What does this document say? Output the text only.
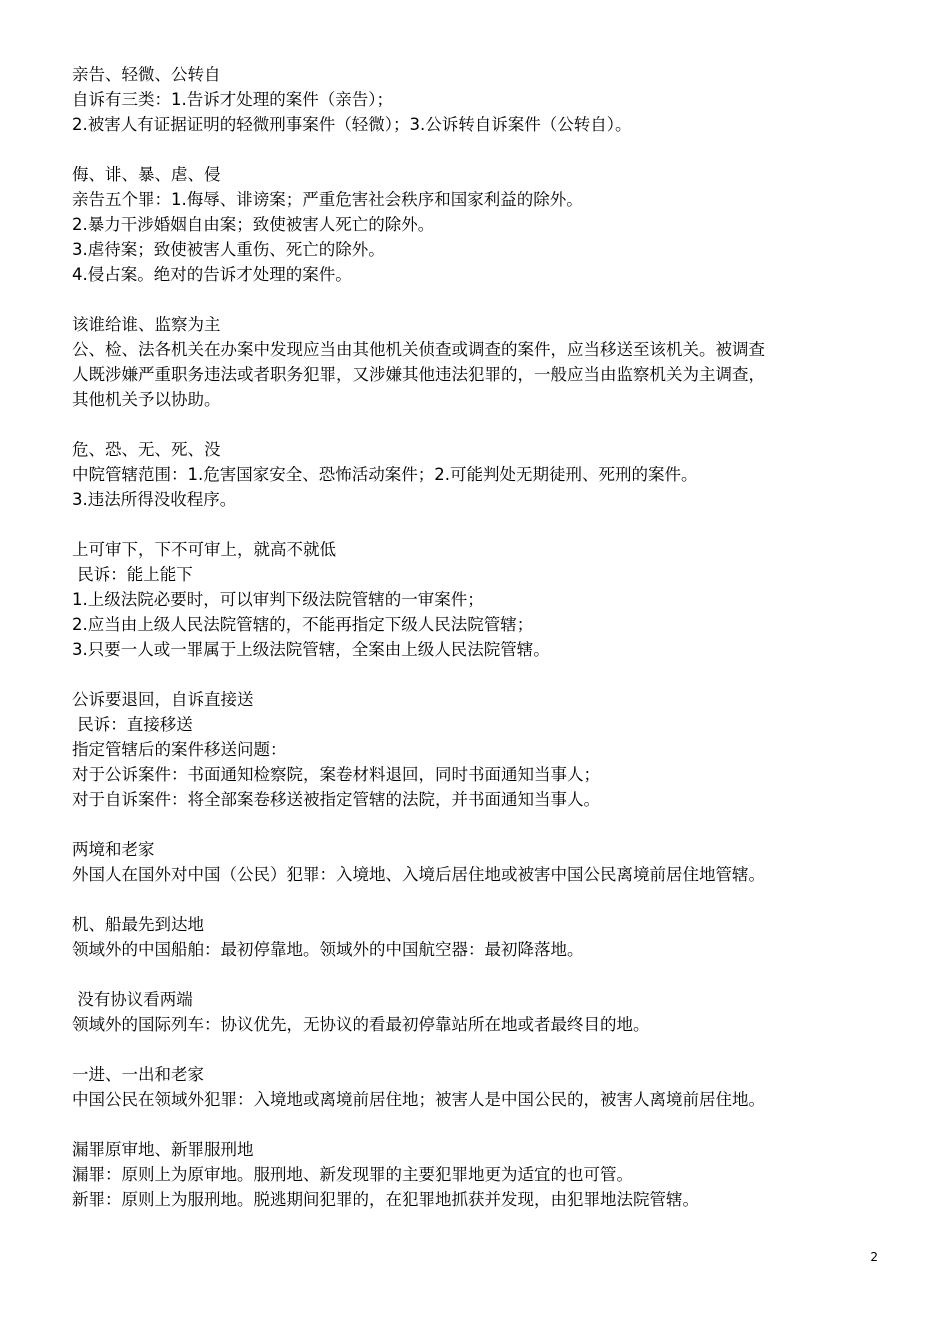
亲告、轻微、公转自

自诉有三类：1.告诉才处理的案件（亲告）；

2.被害人有证据证明的轻微刑事案件（轻微）；3.公诉转自诉案件（公转自）。

侮、诽、暴、虐、侵

亲告五个罪：1.侮辱、诽谤案；严重危害社会秩序和国家利益的除外。

2.暴力干涉婚姻自由案；致使被害人死亡的除外。

3.虐待案；致使被害人重伤、死亡的除外。

4.侵占案。绝对的告诉才处理的案件。

该谁给谁、监察为主

公、检、法各机关在办案中发现应当由其他机关侦查或调查的案件，应当移送至该机关。被调查

人既涉嫌严重职务违法或者职务犯罪，又涉嫌其他违法犯罪的，一般应当由监察机关为主调查，

其他机关予以协助。

危、恐、无、死、没

中院管辖范围：1.危害国家安全、恐怖活动案件；2.可能判处无期徒刑、死刑的案件。

3.违法所得没收程序。

上可审下，下不可审上，就高不就低

民诉：能上能下

1.上级法院必要时，可以审判下级法院管辖的一审案件；

2.应当由上级人民法院管辖的，不能再指定下级人民法院管辖；

3.只要一人或一罪属于上级法院管辖，全案由上级人民法院管辖。

公诉要退回，自诉直接送

民诉：直接移送

指定管辖后的案件移送问题：

对于公诉案件：书面通知检察院，案卷材料退回，同时书面通知当事人；

对于自诉案件：将全部案卷移送被指定管辖的法院，并书面通知当事人。

两境和老家

外国人在国外对中国（公民）犯罪：入境地、入境后居住地或被害中国公民离境前居住地管辖。

机、船最先到达地

领域外的中国船舶：最初停靠地。领域外的中国航空器：最初降落地。

没有协议看两端

领域外的国际列车：协议优先，无协议的看最初停靠站所在地或者最终目的地。

一进、一出和老家

中国公民在领域外犯罪：入境地或离境前居住地；被害人是中国公民的，被害人离境前居住地。

漏罪原审地、新罪服刑地

漏罪：原则上为原审地。服刑地、新发现罪的主要犯罪地更为适宜的也可管。

新罪：原则上为服刑地。脱逃期间犯罪的，在犯罪地抓获并发现，由犯罪地法院管辖。

2
